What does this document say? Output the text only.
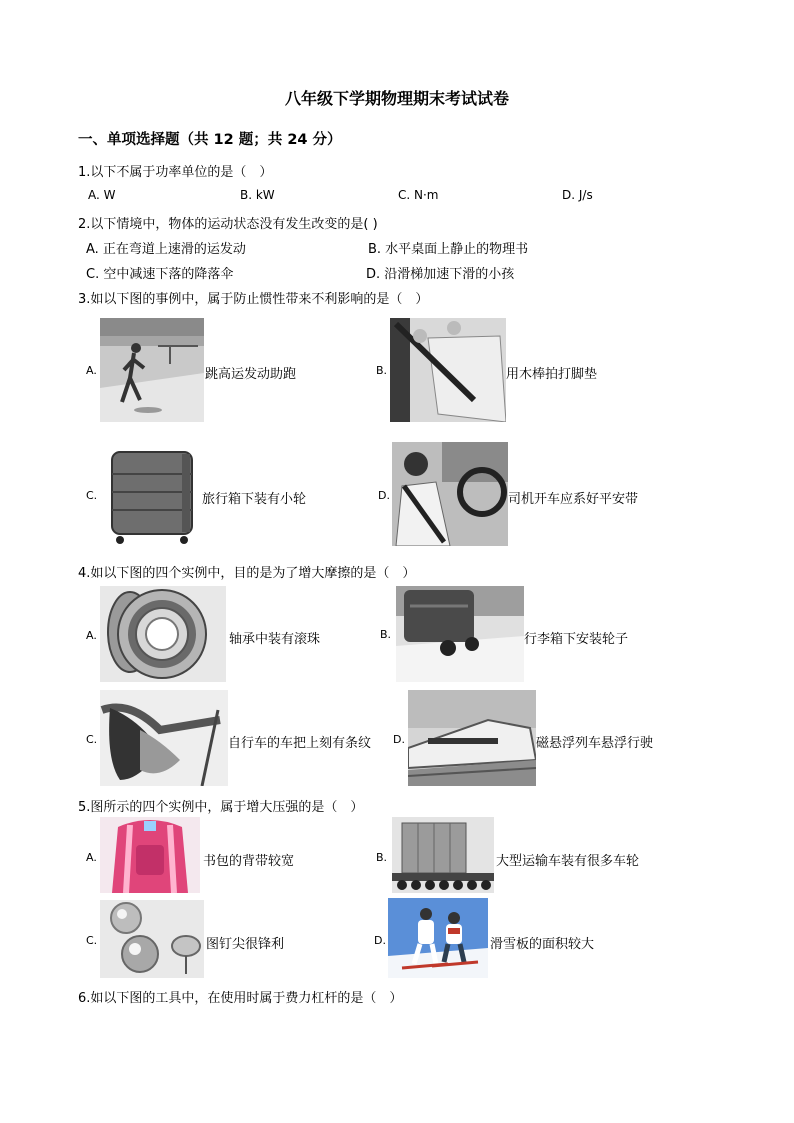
八年级下学期物理期末考试试卷
一、单项选择题（共 12 题；共 24 分）
1.以下不属于功率单位的是（　）
A. W	B. kW	C. N·m	D. J/s
2.以下情境中，物体的运动状态没有发生改变的是( )
A. 正在弯道上速滑的运发动	B. 水平桌面上静止的物理书
C. 空中减速下落的降落伞	D. 沿滑梯加速下滑的小孩
3.如以下图的事例中，属于防止惯性带来不利影响的是（　）
A.	跳高运发动助跑	B.	用木棒拍打脚垫
C.	旅行箱下装有小轮	D.	司机开车应系好平安带
4.如以下图的四个实例中，目的是为了增大摩擦的是（　）
A.	轴承中装有滚珠	B.	行李箱下安装轮子
C.	自行车的车把上刻有条纹 D.	磁悬浮列车悬浮行驶
5.图所示的四个实例中，属于增大压强的是（　）
A.	书包的背带较宽	B.	大型运输车装有很多车轮
C.	图钉尖很锋利	D.	滑雪板的面积较大
6.如以下图的工具中，在使用时属于费力杠杆的是（　）
